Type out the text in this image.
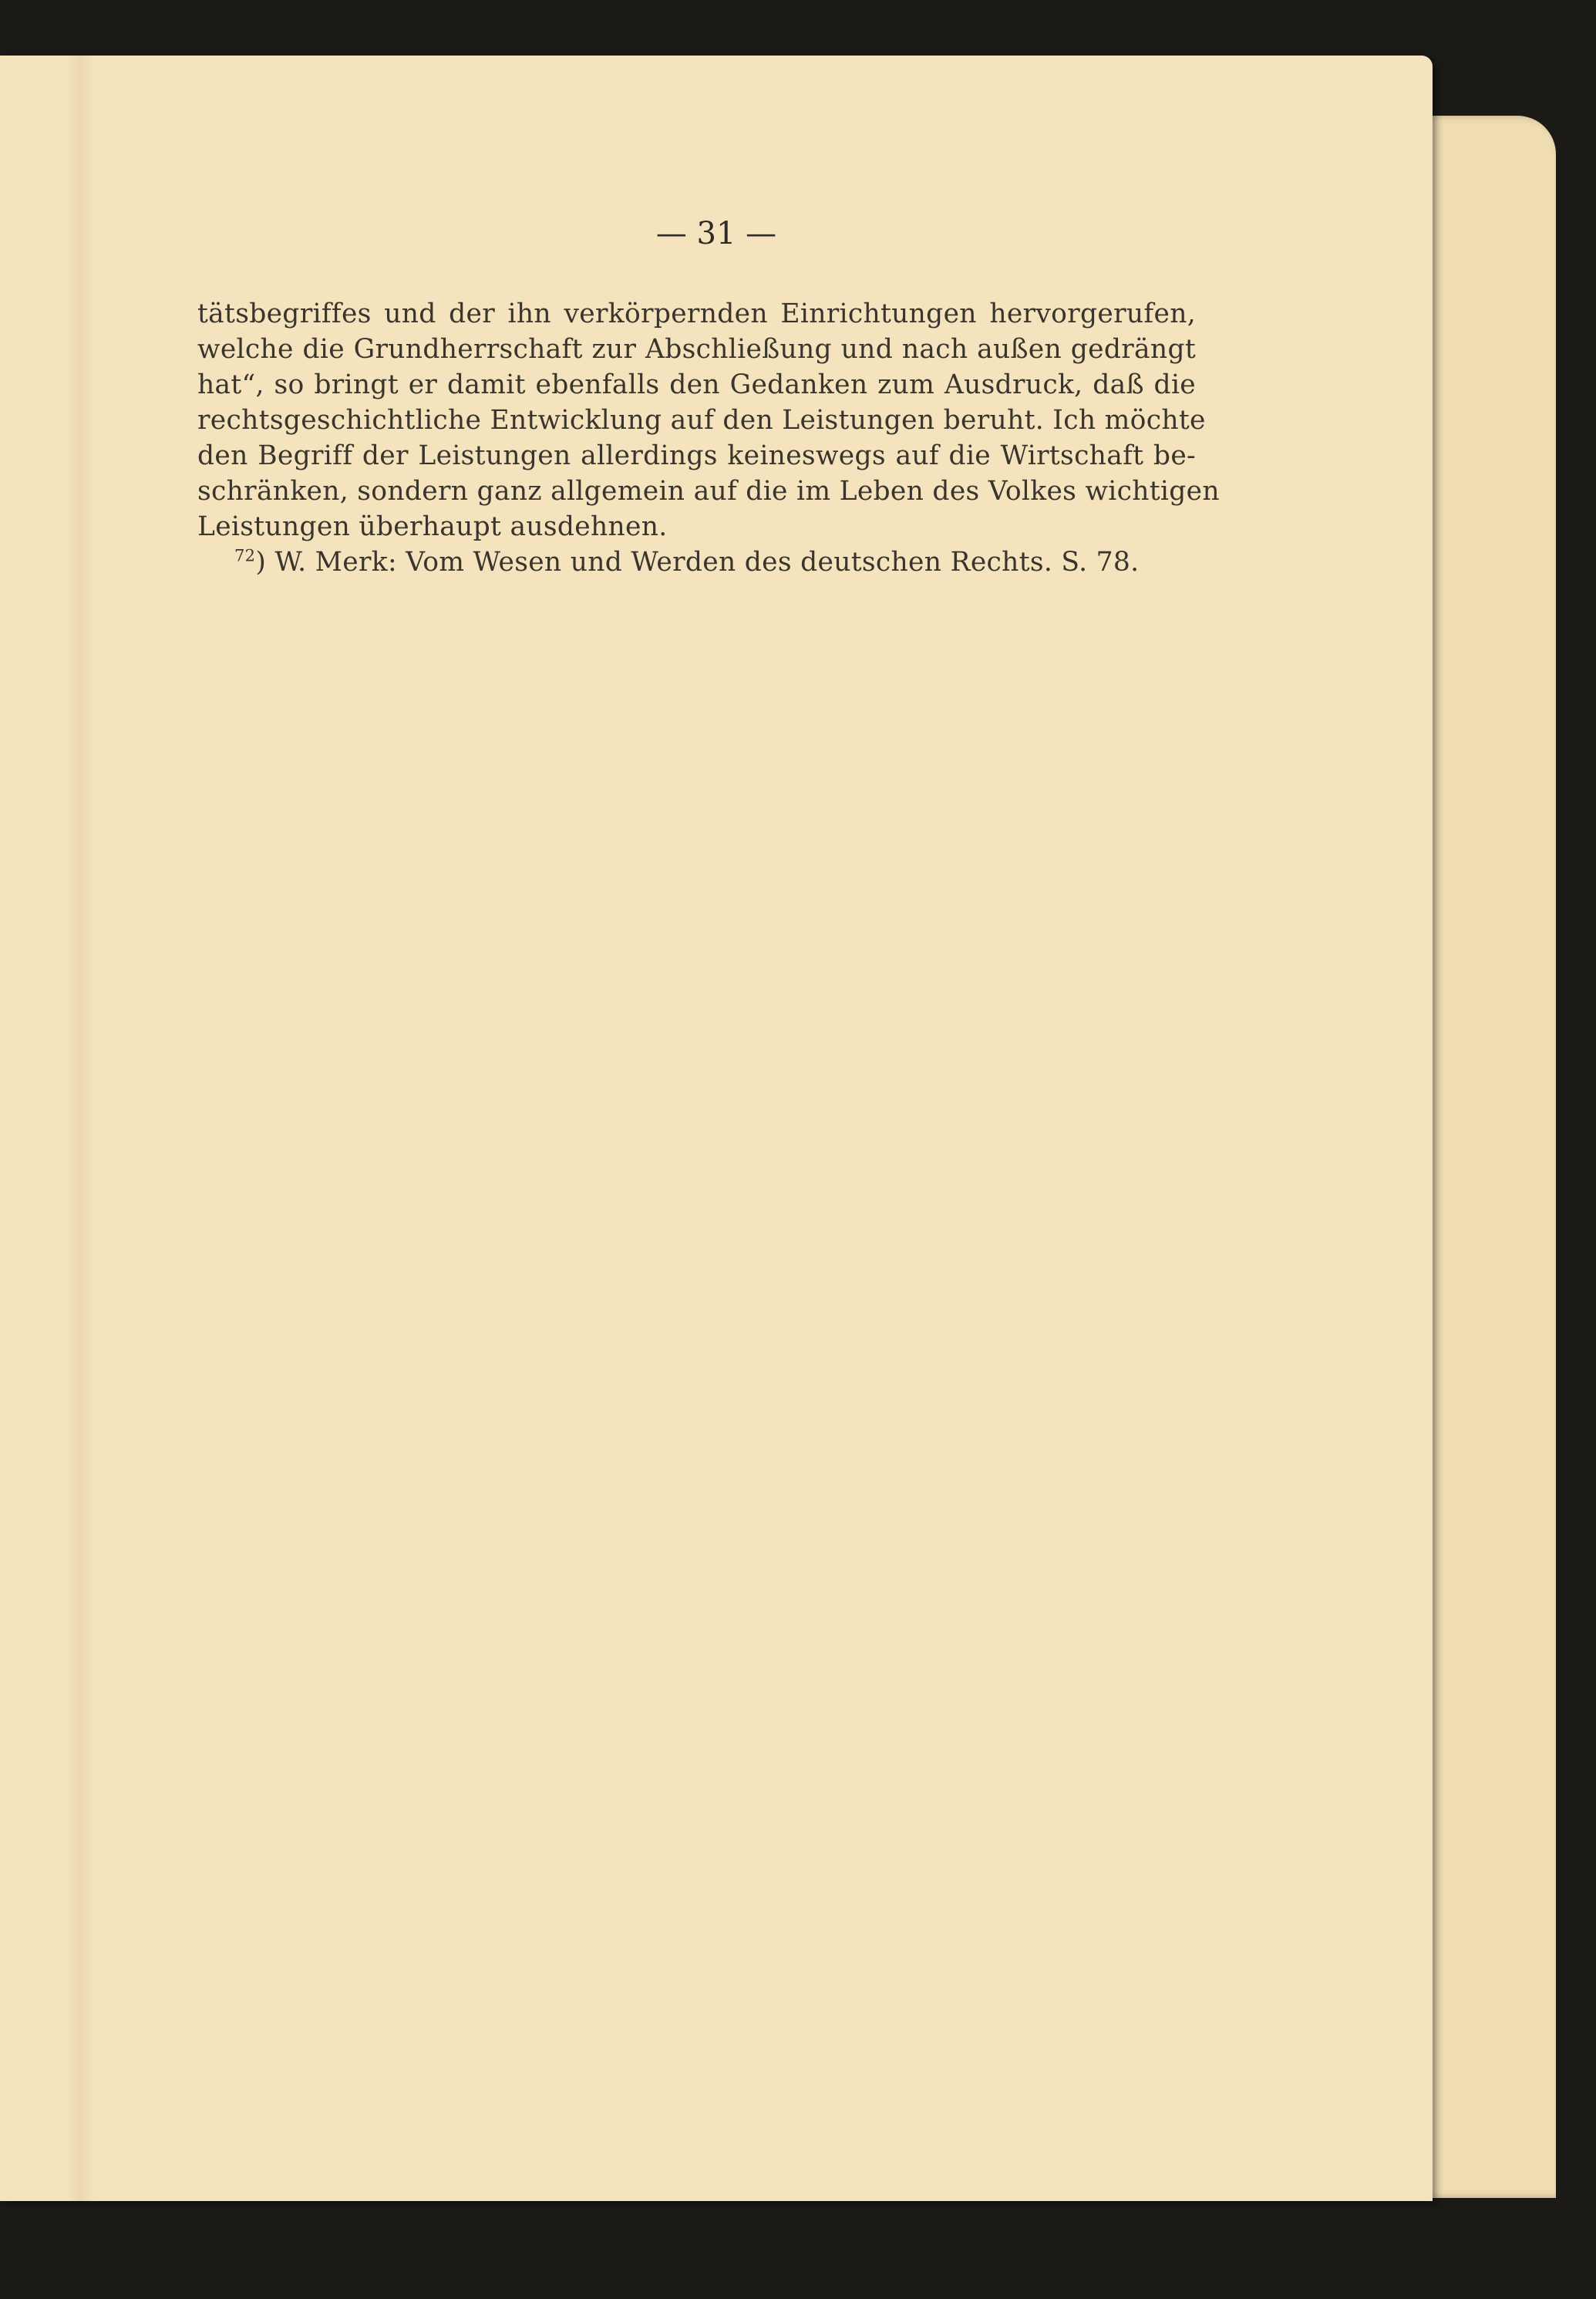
— 31 —

tätsbegriffes und der ihn verkörpernden Einrichtungen hervorgerufen,
welche die Grundherrschaft zur Abschließung und nach außen gedrängt
hat“, so bringt er damit ebenfalls den Gedanken zum Ausdruck, daß die
rechtsgeschichtliche Entwicklung auf den Leistungen beruht. Ich möchte
den Begriff der Leistungen allerdings keineswegs auf die Wirtschaft be-
schränken, sondern ganz allgemein auf die im Leben des Volkes wichtigen
Leistungen überhaupt ausdehnen.
$^{72}$) W. Merk: Vom Wesen und Werden des deutschen Rechts. S. 78.
